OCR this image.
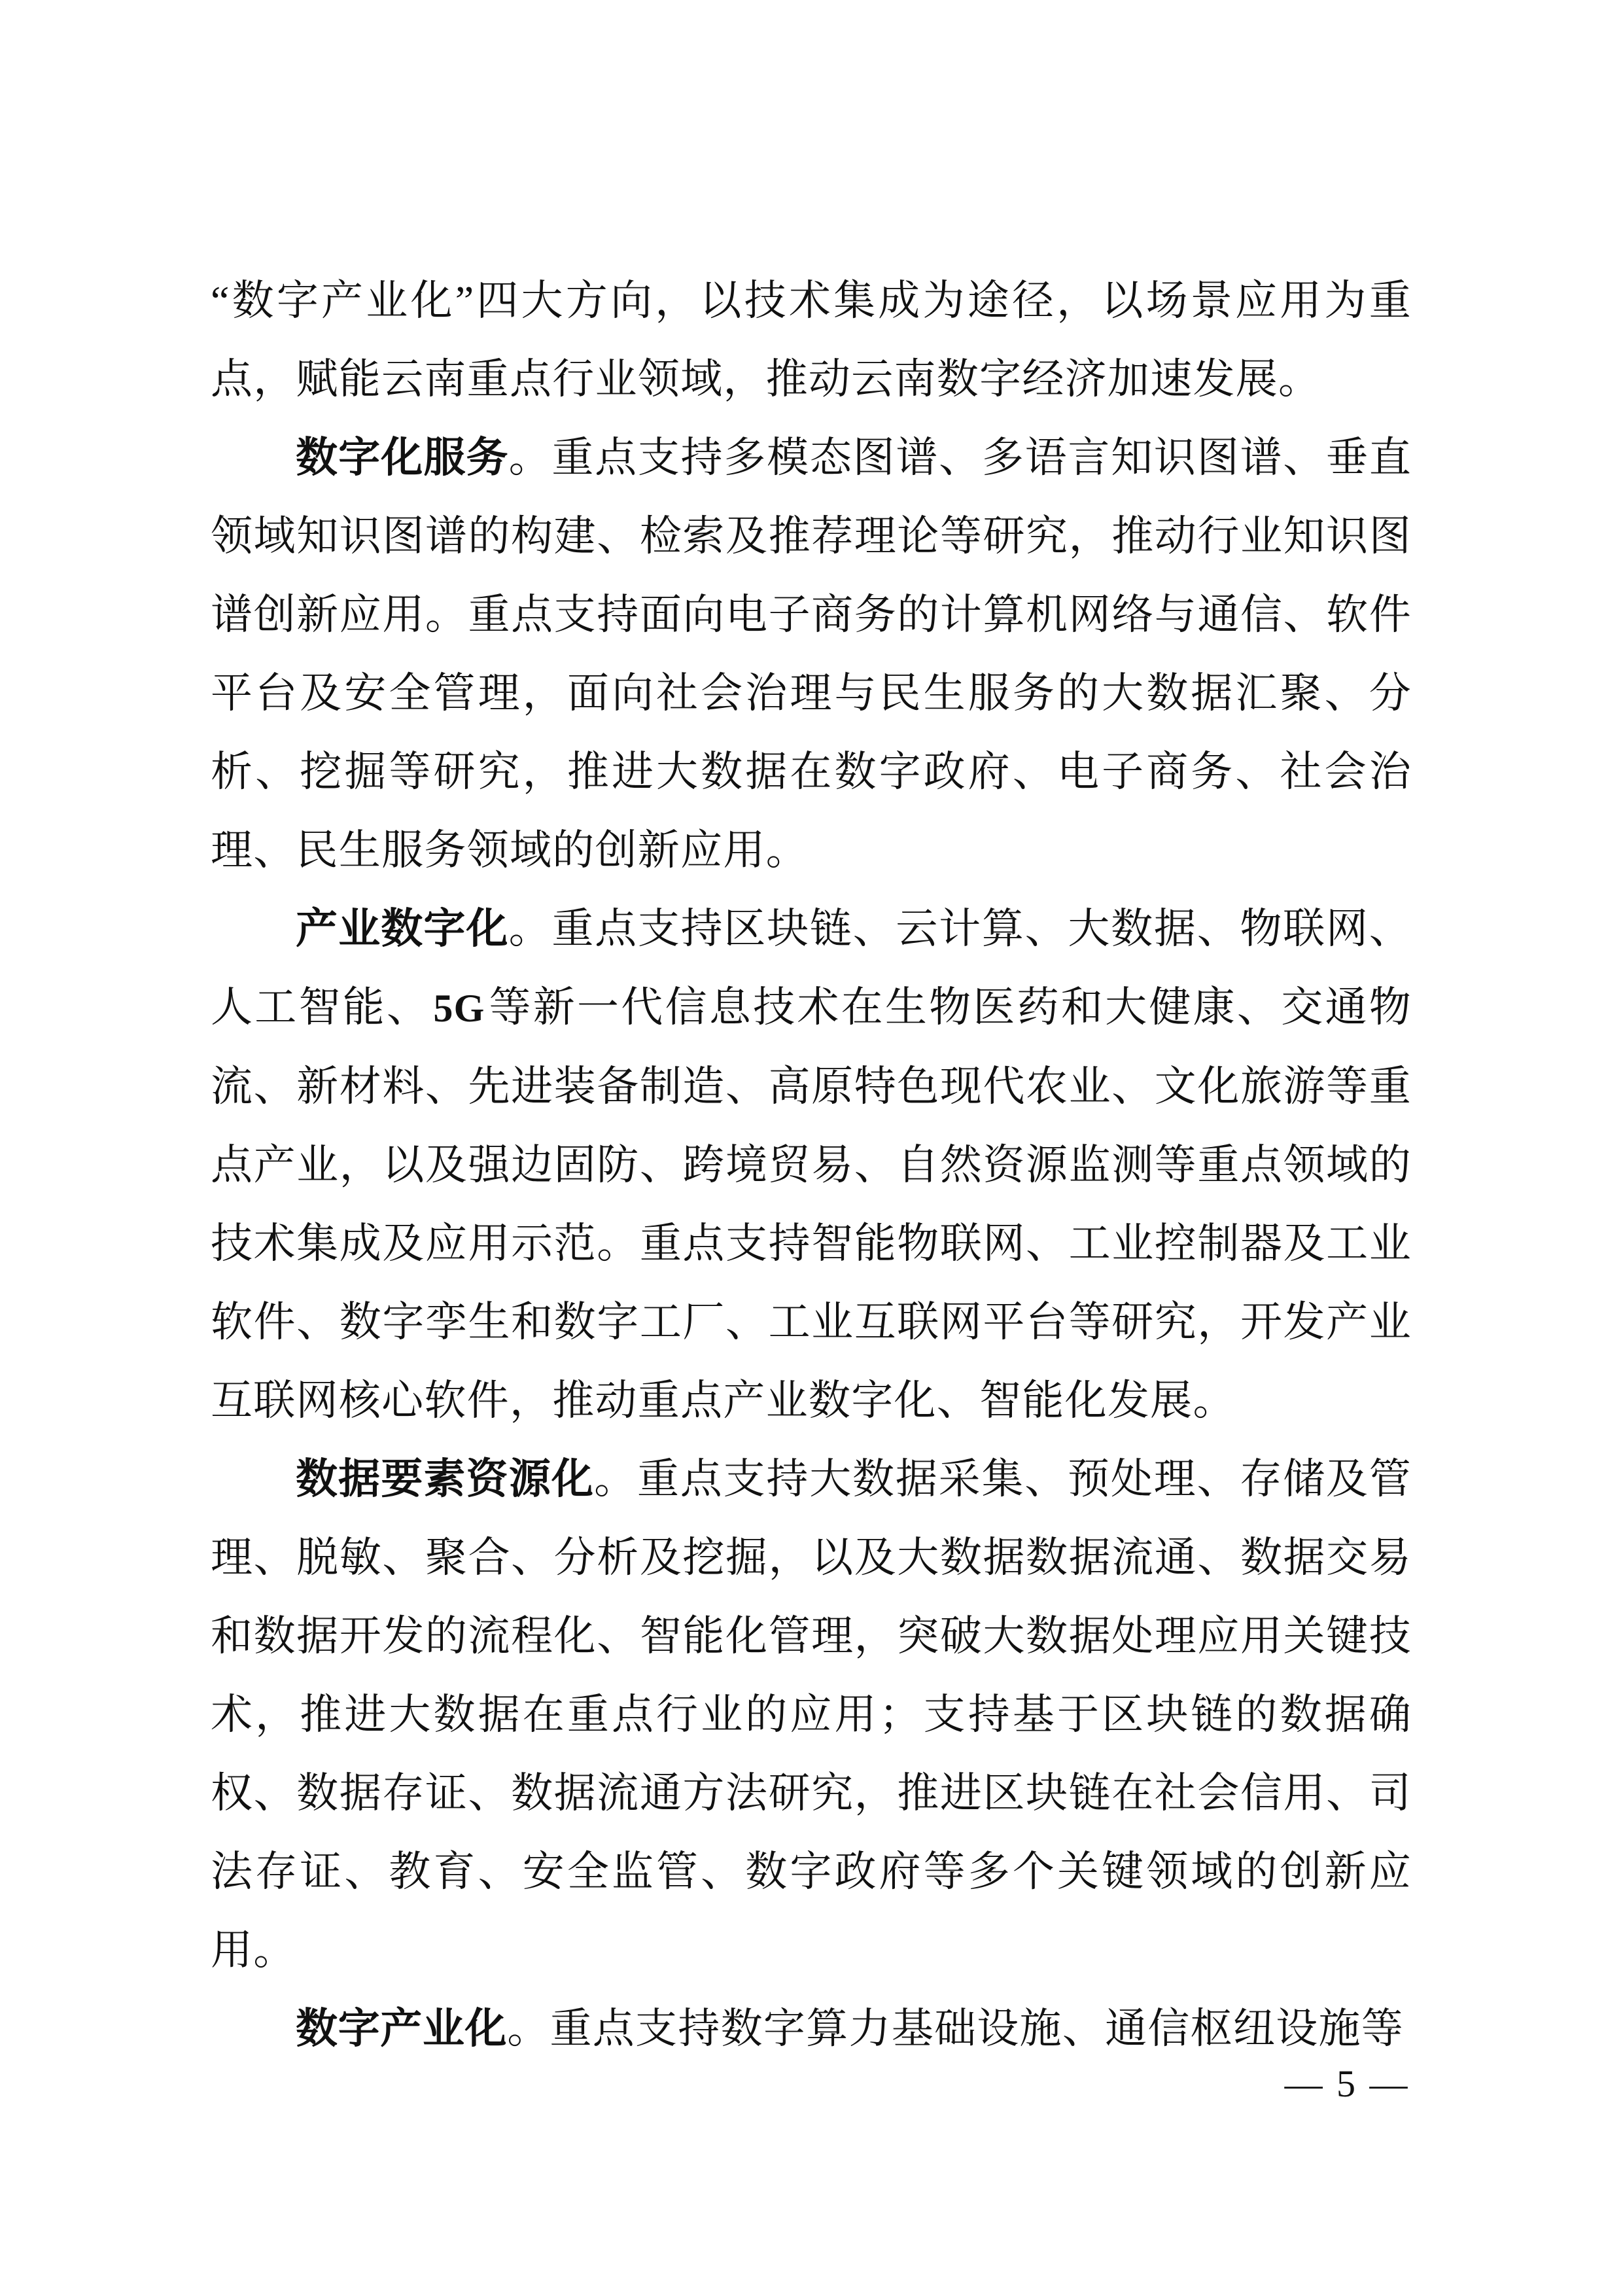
“数字产业化”四大方向，以技术集成为途径，以场景应用为重点，赋能云南重点行业领域，推动云南数字经济加速发展。

数字化服务。重点支持多模态图谱、多语言知识图谱、垂直领域知识图谱的构建、检索及推荐理论等研究，推动行业知识图谱创新应用。重点支持面向电子商务的计算机网络与通信、软件平台及安全管理，面向社会治理与民生服务的大数据汇聚、分析、挖掘等研究，推进大数据在数字政府、电子商务、社会治理、民生服务领域的创新应用。

产业数字化。重点支持区块链、云计算、大数据、物联网、人工智能、5G等新一代信息技术在生物医药和大健康、交通物流、新材料、先进装备制造、高原特色现代农业、文化旅游等重点产业，以及强边固防、跨境贸易、自然资源监测等重点领域的技术集成及应用示范。重点支持智能物联网、工业控制器及工业软件、数字孪生和数字工厂、工业互联网平台等研究，开发产业互联网核心软件，推动重点产业数字化、智能化发展。

数据要素资源化。重点支持大数据采集、预处理、存储及管理、脱敏、聚合、分析及挖掘，以及大数据数据流通、数据交易和数据开发的流程化、智能化管理，突破大数据处理应用关键技术，推进大数据在重点行业的应用；支持基于区块链的数据确权、数据存证、数据流通方法研究，推进区块链在社会信用、司法存证、教育、安全监管、数字政府等多个关键领域的创新应用。

数字产业化。重点支持数字算力基础设施、通信枢纽设施等

— 5 —
